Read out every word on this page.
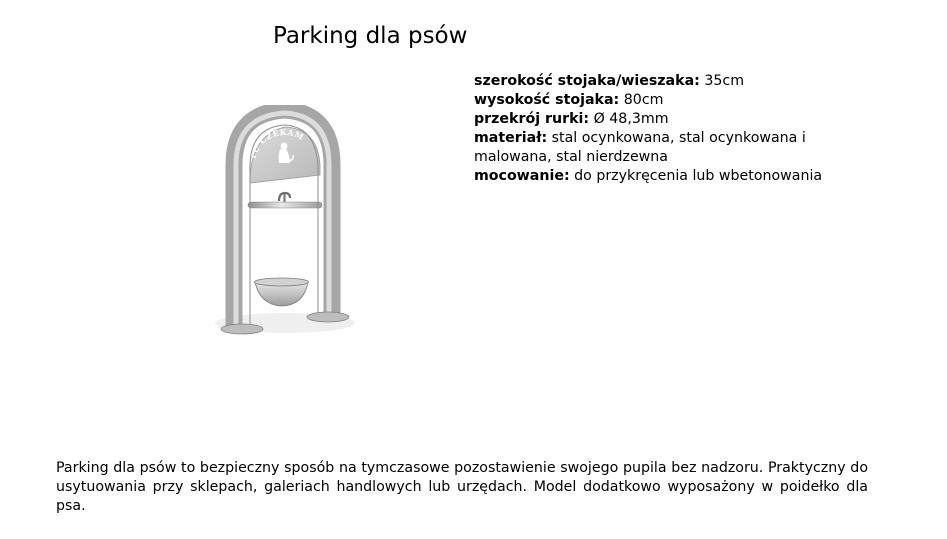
Parking dla psów

szerokość stojaka/wieszaka: 35cm

wysokość stojaka: 80cm

przekrój rurki: Ø 48,3mm

materiał: stal ocynkowana, stal ocynkowana i malowana, stal nierdzewna

mocowanie: do przykręcenia lub wbetonowania

TU CZEKAM

Parking dla psów to bezpieczny sposób na tymczasowe pozostawienie swojego pupila bez nadzoru. Praktyczny do usytuowania przy sklepach, galeriach handlowych lub urzędach. Model dodatkowo wyposażony w poidełko dla psa.
